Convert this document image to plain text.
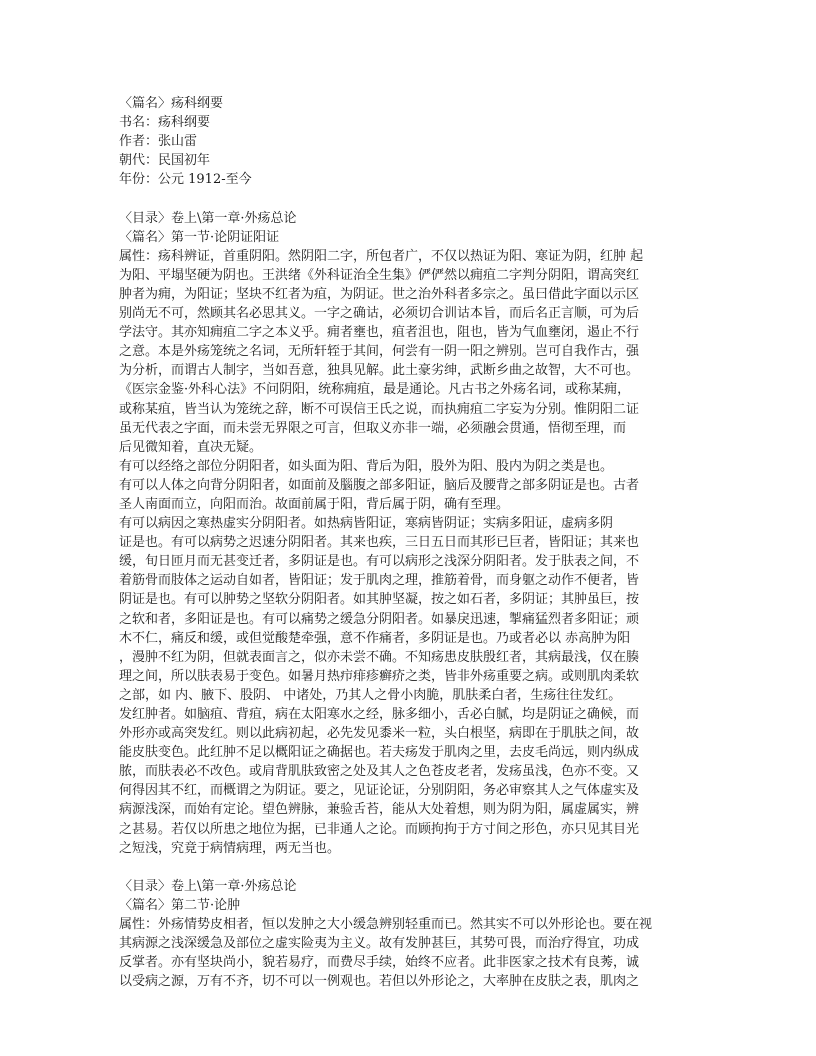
〈篇名〉疡科纲要
书名：疡科纲要
作者：张山雷
朝代：民国初年
年份：公元 1912-至今
〈目录〉卷上\第一章·外疡总论
〈篇名〉第一节·论阴证阳证
属性：疡科辨证，首重阴阳。然阴阳二字，所包者广，不仅以热证为阳、寒证为阴，红肿 起
为阳、平塌坚硬为阴也。王洪绪《外科证治全生集》俨俨然以痈疽二字判分阴阳，谓高突红
肿者为痈，为阳证；坚块不红者为疽，为阴证。世之治外科者多宗之。虽曰借此字面以示区
别尚无不可，然顾其名必思其义。一字之确诂，必须切合训诂本旨，而后名正言顺，可为后
学法守。其亦知痈疽二字之本义乎。痈者壅也，疽者沮也，阻也，皆为气血壅闭，遏止不行
之意。本是外疡笼统之名词，无所轩轾于其间，何尝有一阴一阳之辨别。岂可自我作古，强
为分析，而谓古人制字，当如吾意，独具见解。此土豪劣绅，武断乡曲之故智，大不可也。
《医宗金鉴·外科心法》不问阴阳，统称痈疽，最是通论。凡古书之外疡名词，或称某痈，
或称某疽，皆当认为笼统之辞，断不可误信王氏之说，而执痈疽二字妄为分别。惟阴阳二证
虽无代表之字面，而未尝无界限之可言，但取义亦非一端，必须融会贯通，悟彻至理，而
后见微知着，直决无疑。
有可以经络之部位分阴阳者，如头面为阳、背后为阳，股外为阳、股内为阴之类是也。
有可以人体之向背分阴阳者，如面前及腦腹之部多阳证，脑后及腰背之部多阴证是也。古者
圣人南面而立，向阳而治。故面前属于阳，背后属于阴，确有至理。
有可以病因之寒热虚实分阴阳者。如热病皆阳证，寒病皆阴证；实病多阳证，虚病多阴
证是也。有可以病势之迟速分阴阳者。其来也疾，三日五日而其形已巨者，皆阳证；其来也
缓，旬日匝月而无甚变迁者，多阴证是也。有可以病形之浅深分阴阳者。发于肤表之间，不
着筋骨而肢体之运动自如者，皆阳证；发于肌肉之理，推筋着骨，而身躯之动作不便者，皆
阴证是也。有可以肿势之坚软分阴阳者。如其肿坚凝，按之如石者，多阴证；其肿虽巨，按
之软和者，多阳证是也。有可以痛势之缓急分阴阳者。如暴戾迅速，掣痛猛烈者多阳证；顽
木不仁，痛反和缓，或但觉酸楚牵强，意不作痛者，多阴证是也。乃或者必以 赤高肿为阳
，漫肿不红为阴，但就表面言之，似亦未尝不确。不知疡患皮肤殷红者，其病最浅，仅在腠
理之间，所以肤表易于变色。如暑月热疖痱疹癣疥之类，皆非外疡重要之病。或则肌肉柔软
之部，如 内、腋下、股阴、 中诸处，乃其人之骨小肉脆，肌肤柔白者，生疡往往发红。
发红肿者。如脑疽、背疽，病在太阳寒水之经，脉多细小，舌必白腻，均是阴证之确候，而
外形亦或高突发红。则以此病初起，必先发见黍米一粒，头白根坚，病即在于肌肤之间，故
能皮肤变色。此红肿不足以概阳证之确据也。若夫疡发于肌肉之里，去皮毛尚远，则内纵成
脓，而肤表必不改色。或肩背肌肤致密之处及其人之色苍皮老者，发疡虽浅，色亦不变。又
何得因其不红，而概谓之为阴证。要之，见证论证，分别阴阳，务必审察其人之气体虚实及
病源浅深，而始有定论。望色辨脉，兼验舌苔，能从大处着想，则为阴为阳，属虚属实，辨
之甚易。若仅以所患之地位为据，已非通人之论。而顾拘拘于方寸间之形色，亦只见其目光
之短浅，究竟于病情病理，两无当也。
〈目录〉卷上\第一章·外疡总论
〈篇名〉第二节·论肿
属性：外疡情势皮相者，恒以发肿之大小缓急辨别轻重而已。然其实不可以外形论也。要在视
其病源之浅深缓急及部位之虚实险夷为主义。故有发肿甚巨，其势可畏，而治疗得宜，功成
反掌者。亦有坚块尚小，貌若易疗，而费尽手续，始终不应者。此非医家之技术有良莠，诚
以受病之源，万有不齐，切不可以一例观也。若但以外形论之，大率肿在皮肤之表，肌肉之
